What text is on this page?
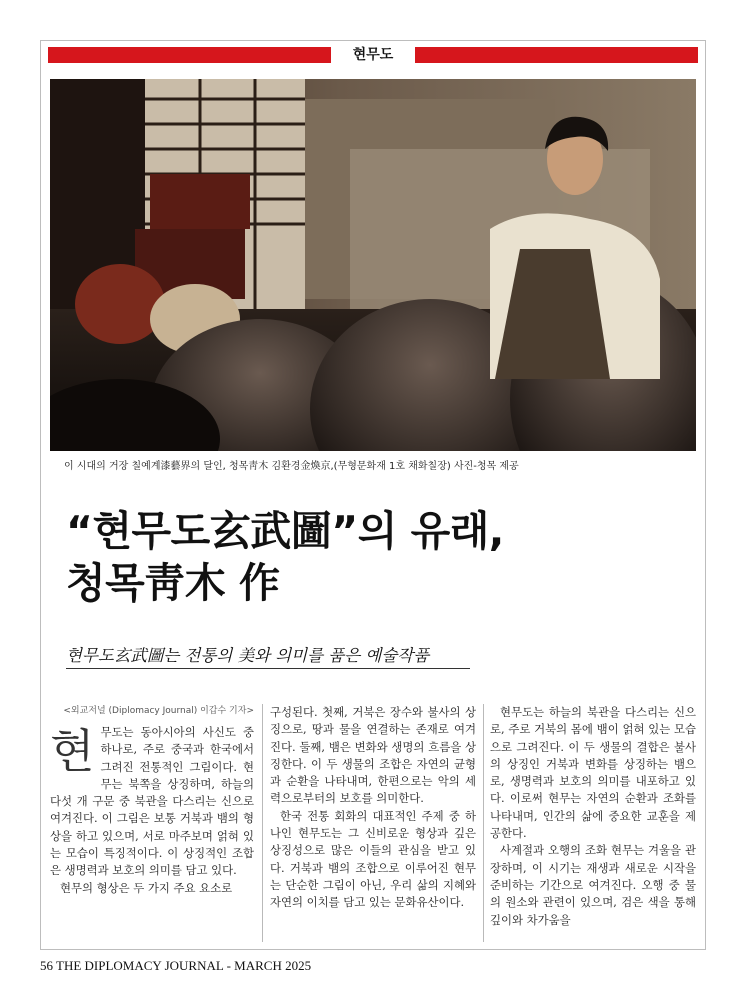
현무도
이 시대의 거장 칠예계漆藝界의 달인, 청목靑木 김환경金煥京,(무형문화재 1호 채화칠장) 사진-청목 제공
“현무도玄武圖”의 유래,
청목靑木 作
현무도玄武圖는 전통의 美와 의미를 품은 예술작품
<외교저널 (Diplomacy Journal) 이갑수 기자>
현 무도는 동아시아의 사신도 중 하나로, 주로 중국과 한국에서 그려진 전통적인 그림이다. 현무는 북쪽을 상징하며, 하늘의 다섯 개 구문 중 북관을 다스리는 신으로 여겨진다. 이 그림은 보통 거북과 뱀의 형상을 하고 있으며, 서로 마주보며 얽혀 있는 모습이 특징적이다. 이 상징적인 조합은 생명력과 보호의 의미를 담고 있다.

현무의 형상은 두 가지 주요 요소로

구성된다. 첫째, 거북은 장수와 불사의 상징으로, 땅과 물을 연결하는 존재로 여겨진다. 둘째, 뱀은 변화와 생명의 흐름을 상징한다. 이 두 생물의 조합은 자연의 균형과 순환을 나타내며, 한편으로는 악의 세력으로부터의 보호를 의미한다.

한국 전통 회화의 대표적인 주제 중 하나인 현무도는 그 신비로운 형상과 깊은 상징성으로 많은 이들의 관심을 받고 있다. 거북과 뱀의 조합으로 이루어진 현무는 단순한 그림이 아닌, 우리 삶의 지혜와 자연의 이치를 담고 있는 문화유산이다.

현무도는 하늘의 북관을 다스리는 신으로, 주로 거북의 몸에 뱀이 얽혀 있는 모습으로 그려진다. 이 두 생물의 결합은 불사의 상징인 거북과 변화를 상징하는 뱀으로, 생명력과 보호의 의미를 내포하고 있다. 이로써 현무는 자연의 순환과 조화를 나타내며, 인간의 삶에 중요한 교훈을 제공한다.

사계절과 오행의 조화 현무는 겨울을 관장하며, 이 시기는 재생과 새로운 시작을 준비하는 기간으로 여겨진다. 오행 중 물의 원소와 관련이 있으며, 검은 색을 통해 깊이와 차가움을

56 THE DIPLOMACY JOURNAL - MARCH 2025
